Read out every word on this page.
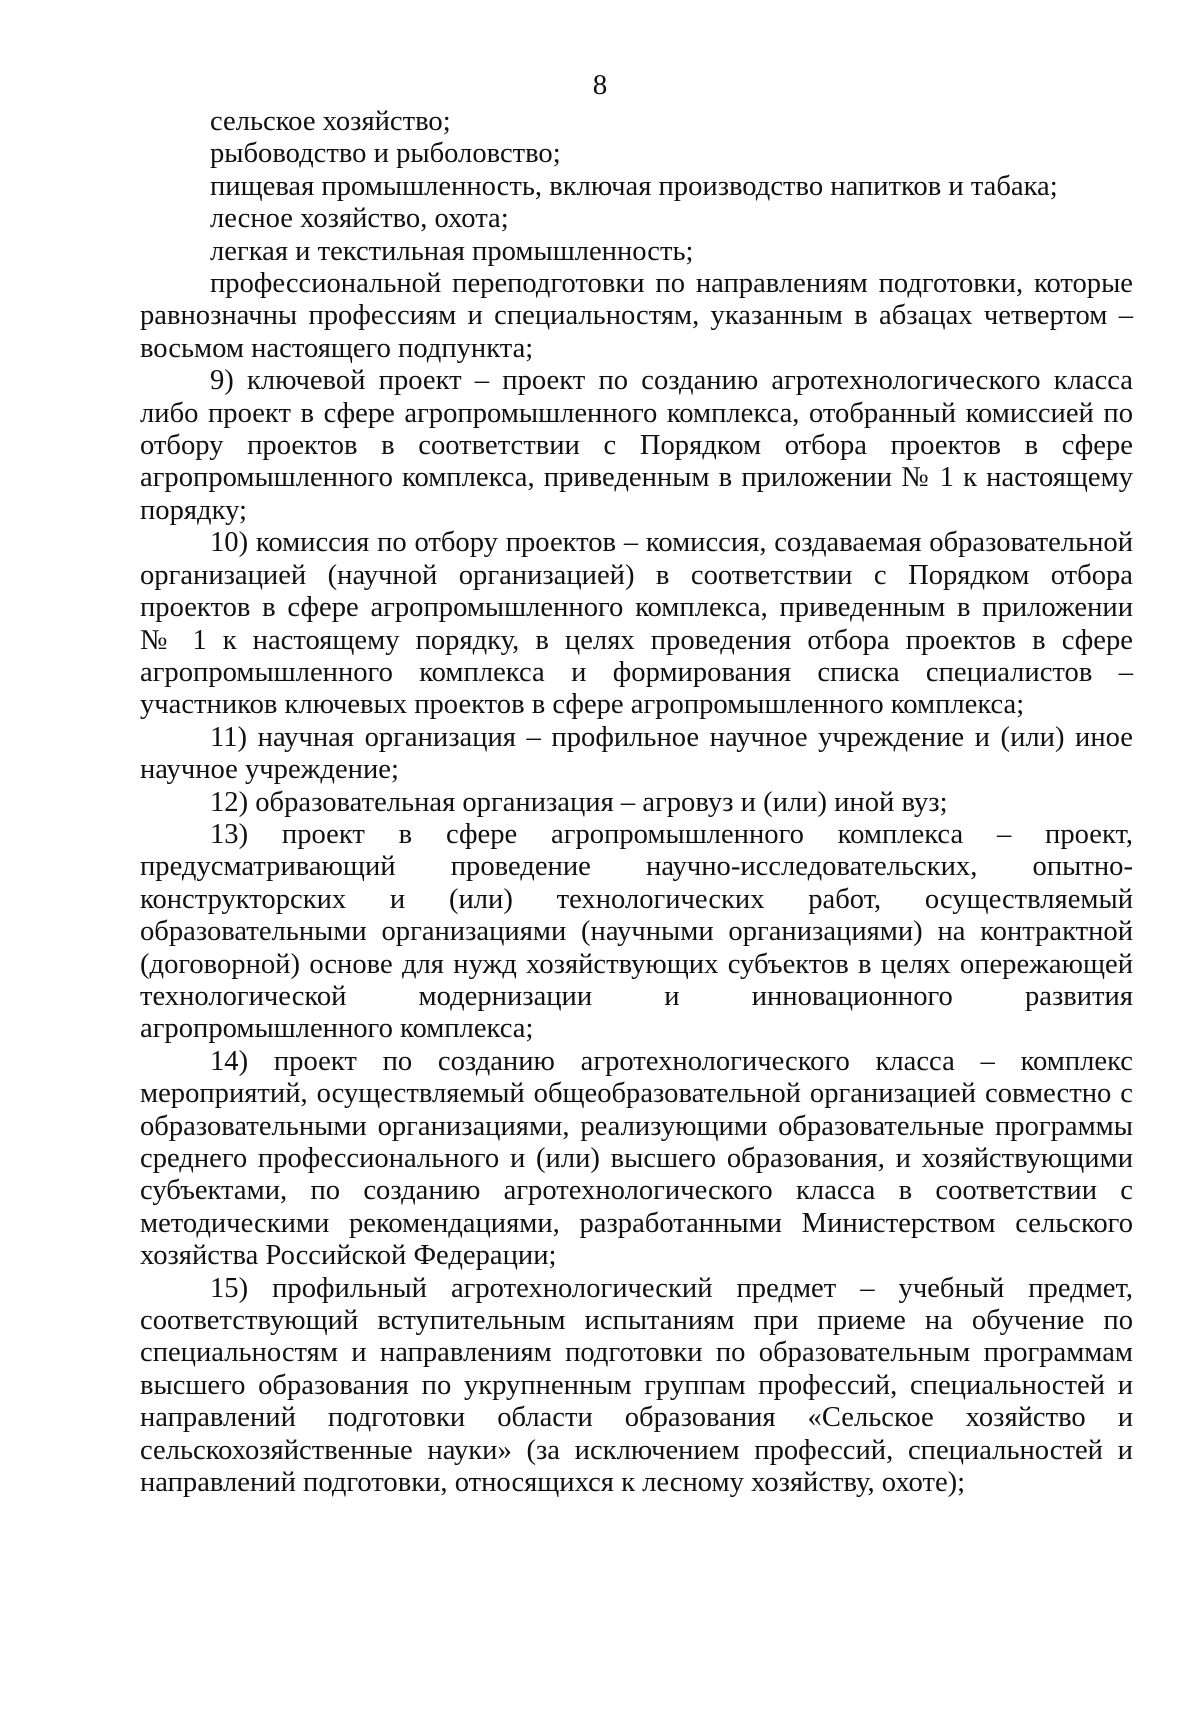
8

сельское хозяйство;

рыбоводство и рыболовство;

пищевая промышленность, включая производство напитков и табака;

лесное хозяйство, охота;

легкая и текстильная промышленность;

профессиональной переподготовки по направлениям подготовки, которые равнозначны профессиям и специальностям, указанным в абзацах четвертом – восьмом настоящего подпункта;

9) ключевой проект – проект по созданию агротехнологического класса либо проект в сфере агропромышленного комплекса, отобранный комиссией по отбору проектов в соответствии с Порядком отбора проектов в сфере агропромышленного комплекса, приведенным в приложении № 1 к настоящему порядку;

10) комиссия по отбору проектов – комиссия, создаваемая образовательной организацией (научной организацией) в соответствии с Порядком отбора проектов в сфере агропромышленного комплекса, приведенным в приложении № 1 к настоящему порядку, в целях проведения отбора проектов в сфере агропромышленного комплекса и формирования списка специалистов – участников ключевых проектов в сфере агропромышленного комплекса;

11) научная организация – профильное научное учреждение и (или) иное научное учреждение;

12) образовательная организация – агровуз и (или) иной вуз;

13) проект в сфере агропромышленного комплекса – проект, предусматривающий проведение научно-исследовательских, опытно-конструкторских и (или) технологических работ, осуществляемый образовательными организациями (научными организациями) на контрактной (договорной) основе для нужд хозяйствующих субъектов в целях опережающей технологической модернизации и инновационного развития агропромышленного комплекса;

14) проект по созданию агротехнологического класса – комплекс мероприятий, осуществляемый общеобразовательной организацией совместно с образовательными организациями, реализующими образовательные программы среднего профессионального и (или) высшего образования, и хозяйствующими субъектами, по созданию агротехнологического класса в соответствии с методическими рекомендациями, разработанными Министерством сельского хозяйства Российской Федерации;

15) профильный агротехнологический предмет – учебный предмет, соответствующий вступительным испытаниям при приеме на обучение по специальностям и направлениям подготовки по образовательным программам высшего образования по укрупненным группам профессий, специальностей и направлений подготовки области образования «Сельское хозяйство и сельскохозяйственные науки» (за исключением профессий, специальностей и направлений подготовки, относящихся к лесному хозяйству, охоте);
